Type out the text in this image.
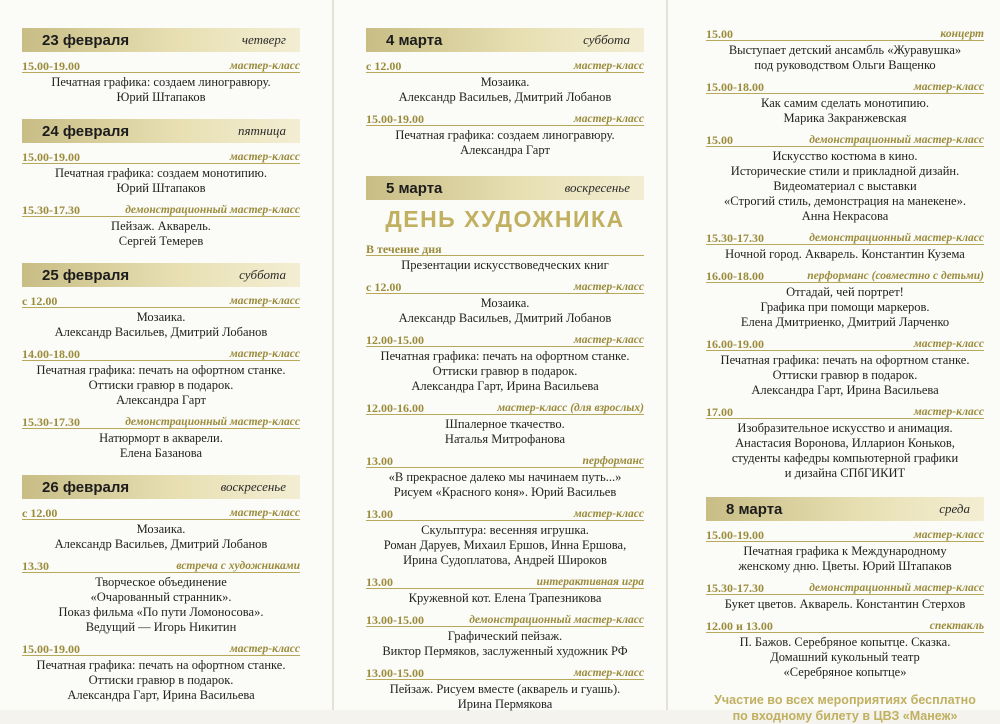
23 февраля	четверг
15.00-19.00	мастер-класс
Печатная графика: создаем линогравюру.
Юрий Штапаков
24 февраля	пятница
15.00-19.00	мастер-класс
Печатная графика: создаем монотипию.
Юрий Штапаков
15.30-17.30	демонстрационный мастер-класс
Пейзаж. Акварель.
Сергей Темерев
25 февраля	суббота
с 12.00	мастер-класс
Мозаика.
Александр Васильев, Дмитрий Лобанов
14.00-18.00	мастер-класс
Печатная графика: печать на офортном станке.
Оттиски гравюр в подарок.
Александра Гарт
15.30-17.30	демонстрационный мастер-класс
Натюрморт в акварели.
Елена Базанова
26 февраля	воскресенье
с 12.00	мастер-класс
Мозаика.
Александр Васильев, Дмитрий Лобанов
13.30	встреча с художниками
Творческое объединение
«Очарованный странник».
Показ фильма «По пути Ломоносова».
Ведущий — Игорь Никитин
15.00-19.00	мастер-класс
Печатная графика: печать на офортном станке.
Оттиски гравюр в подарок.
Александра Гарт, Ирина Васильева
4 марта	суббота
с 12.00	мастер-класс
Мозаика.
Александр Васильев, Дмитрий Лобанов
15.00-19.00	мастер-класс
Печатная графика: создаем линогравюру.
Александра Гарт
5 марта	воскресенье
ДЕНЬ ХУДОЖНИКА
В течение дня
Презентации искусствоведческих книг
с 12.00	мастер-класс
Мозаика.
Александр Васильев, Дмитрий Лобанов
12.00-15.00	мастер-класс
Печатная графика: печать на офортном станке.
Оттиски гравюр в подарок.
Александра Гарт, Ирина Васильева
12.00-16.00	мастер-класс (для взрослых)
Шпалерное ткачество.
Наталья Митрофанова
13.00	перформанс
«В прекрасное далеко мы начинаем путь...»
Рисуем «Красного коня». Юрий Васильев
13.00	мастер-класс
Скульптура: весенняя игрушка.
Роман Даруев, Михаил Ершов, Инна Ершова,
Ирина Судоплатова, Андрей Широков
13.00	интерактивная игра
Кружевной кот. Елена Трапезникова
13.00-15.00	демонстрационный мастер-класс
Графический пейзаж.
Виктор Пермяков, заслуженный художник РФ
13.00-15.00	мастер-класс
Пейзаж. Рисуем вместе (акварель и гуашь).
Ирина Пермякова
15.00	концерт
Выступает детский ансамбль «Журавушка»
под руководством Ольги Ващенко
15.00-18.00	мастер-класс
Как самим сделать монотипию.
Марика Закранжевская
15.00	демонстрационный мастер-класс
Искусство костюма в кино.
Исторические стили и прикладной дизайн.
Видеоматериал с выставки
«Строгий стиль, демонстрация на манекене».
Анна Некрасова
15.30-17.30	демонстрационный мастер-класс
Ночной город. Акварель. Константин Кузема
16.00-18.00	перформанс (совместно с детьми)
Отгадай, чей портрет!
Графика при помощи маркеров.
Елена Дмитриенко, Дмитрий Ларченко
16.00-19.00	мастер-класс
Печатная графика: печать на офортном станке.
Оттиски гравюр в подарок.
Александра Гарт, Ирина Васильева
17.00	мастер-класс
Изобразительное искусство и анимация.
Анастасия Воронова, Илларион Коньков,
студенты кафедры компьютерной графики
и дизайна СПбГИКИТ
8 марта	среда
15.00-19.00	мастер-класс
Печатная графика к Международному
женскому дню. Цветы. Юрий Штапаков
15.30-17.30	демонстрационный мастер-класс
Букет цветов. Акварель. Константин Стерхов
12.00 и 13.00	спектакль
П. Бажов. Серебряное копытце. Сказка.
Домашний кукольный театр
«Серебряное копытце»
Участие во всех мероприятиях бесплатно
по входному билету в ЦВЗ «Манеж»
